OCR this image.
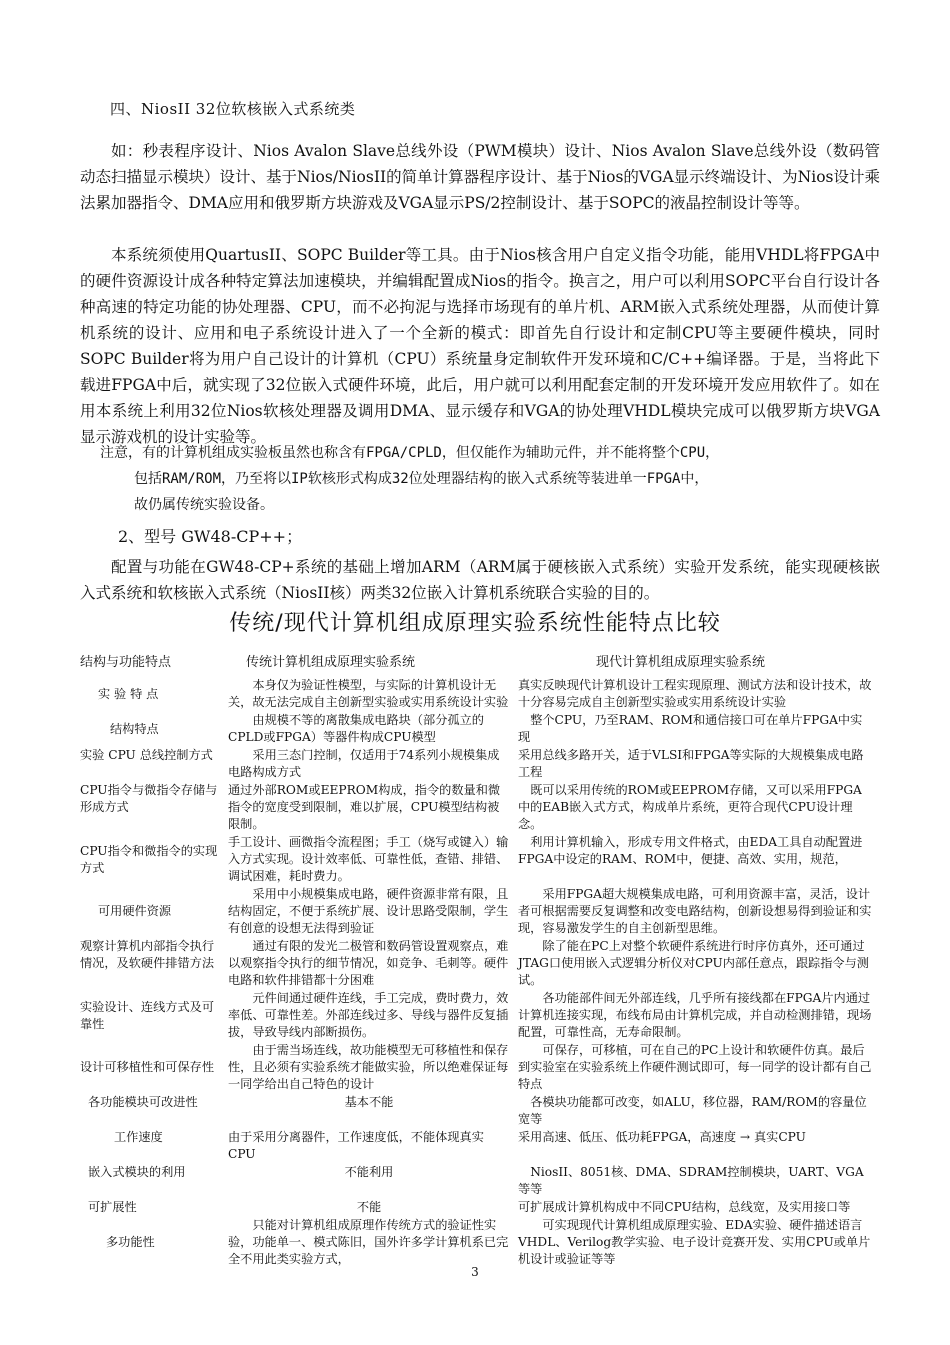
四、NiosII 32位软核嵌入式系统类

如：秒表程序设计、Nios Avalon Slave总线外设（PWM模块）设计、Nios Avalon Slave总线外设（数码管动态扫描显示模块）设计、基于Nios/NiosII的简单计算器程序设计、基于Nios的VGA显示终端设计、为Nios设计乘法累加器指令、DMA应用和俄罗斯方块游戏及VGA显示PS/2控制设计、基于SOPC的液晶控制设计等等。

本系统须使用QuartusII、SOPC Builder等工具。由于Nios核含用户自定义指令功能，能用VHDL将FPGA中的硬件资源设计成各种特定算法加速模块，并编辑配置成Nios的指令。换言之，用户可以利用SOPC平台自行设计各种高速的特定功能的协处理器、CPU，而不必拘泥与选择市场现有的单片机、ARM嵌入式系统处理器，从而使计算机系统的设计、应用和电子系统设计进入了一个全新的模式：即首先自行设计和定制CPU等主要硬件模块，同时SOPC Builder将为用户自己设计的计算机（CPU）系统量身定制软件开发环境和C/C++编译器。于是，当将此下载进FPGA中后，就实现了32位嵌入式硬件环境，此后，用户就可以利用配套定制的开发环境开发应用软件了。如在用本系统上利用32位Nios软核处理器及调用DMA、显示缓存和VGA的协处理VHDL模块完成可以俄罗斯方块VGA显示游戏机的设计实验等。

注意，有的计算机组成实验板虽然也称含有FPGA/CPLD，但仅能作为辅助元件，并不能将整个CPU，
包括RAM/ROM，乃至将以IP软核形式构成32位处理器结构的嵌入式系统等装进单一FPGA中，
故仍属传统实验设备。
2、型号 GW48-CP++；

配置与功能在GW48-CP+系统的基础上增加ARM（ARM属于硬核嵌入式系统）实验开发系统，能实现硬核嵌入式系统和软核嵌入式系统（NiosII核）两类32位嵌入计算机系统联合实验的目的。

传统/现代计算机组成原理实验系统性能特点比较
结构与功能特点	传统计算机组成原理实验系统	现代计算机组成原理实验系统
实 验 特 点	本身仅为验证性模型，与实际的计算机设计无关，故无法完成自主创新型实验或实用系统设计实验	真实反映现代计算机设计工程实现原理、测试方法和设计技术，故十分容易完成自主创新型实验或实用系统设计实验
结构特点	由规模不等的离散集成电路块（部分孤立的CPLD或FPGA）等器件构成CPU模型	整个CPU，乃至RAM、ROM和通信接口可在单片FPGA中实现
实验 CPU 总线控制方式	采用三态门控制，仅适用于74系列小规模集成电路构成方式	采用总线多路开关，适于VLSI和FPGA等实际的大规模集成电路工程
CPU指令与微指令存储与形成方式	通过外部ROM或EEPROM构成，指令的数量和微指令的宽度受到限制，难以扩展，CPU模型结构被限制。	既可以采用传统的ROM或EEPROM存储，又可以采用FPGA中的EAB嵌入式方式，构成单片系统，更符合现代CPU设计理念。
CPU指令和微指令的实现方式	手工设计、画微指令流程图；手工（烧写或键入）输入方式实现。设计效率低、可靠性低，查错、排错、调试困难，耗时费力。	利用计算机输入，形成专用文件格式，由EDA工具自动配置进FPGA中设定的RAM、ROM中，便捷、高效、实用，规范，
可用硬件资源	采用中小规模集成电路，硬件资源非常有限，且结构固定，不便于系统扩展、设计思路受限制，学生有创意的设想无法得到验证	采用FPGA超大规模集成电路，可利用资源丰富，灵活，设计者可根据需要反复调整和改变电路结构，创新设想易得到验证和实现，容易激发学生的自主创新型思维。
观察计算机内部指令执行情况，及软硬件排错方法	通过有限的发光二极管和数码管设置观察点，难以观察指令执行的细节情况，如竞争、毛刺等。硬件电路和软件排错都十分困难	除了能在PC上对整个软硬件系统进行时序仿真外，还可通过JTAG口使用嵌入式逻辑分析仪对CPU内部任意点，跟踪指令与测试。
实验设计、连线方式及可靠性	元件间通过硬件连线，手工完成，费时费力，效率低、可靠性差。外部连线过多、导线与器件反复插拔，导致导线内部断损伤。	各功能部件间无外部连线，几乎所有接线都在FPGA片内通过计算机连接实现，布线布局由计算机完成，并自动检测排错，现场配置，可靠性高，无寿命限制。
设计可移植性和可保存性	由于需当场连线，故功能模型无可移植性和保存性，且必须有实验系统才能做实验，所以绝难保证每一同学给出自己特色的设计	可保存，可移植，可在自己的PC上设计和软硬件仿真。最后到实验室在实验系统上作硬件测试即可，每一同学的设计都有自己特点
各功能模块可改进性	基本不能	各模块功能都可改变，如ALU，移位器，RAM/ROM的容量位宽等
工作速度	由于采用分离器件，工作速度低，不能体现真实CPU	采用高速、低压、低功耗FPGA，高速度 → 真实CPU
嵌入式模块的利用	不能利用	NiosII、8051核、DMA、SDRAM控制模块，UART、VGA等等
可扩展性	不能	可扩展成计算机构成中不同CPU结构，总线宽，及实用接口等
多功能性	只能对计算机组成原理作传统方式的验证性实验，功能单一、模式陈旧，国外许多学计算机系已完全不用此类实验方式，	可实现现代计算机组成原理实验、EDA实验、硬件描述语言VHDL、Verilog教学实验、电子设计竞赛开发、实用CPU或单片机设计或验证等等
3
